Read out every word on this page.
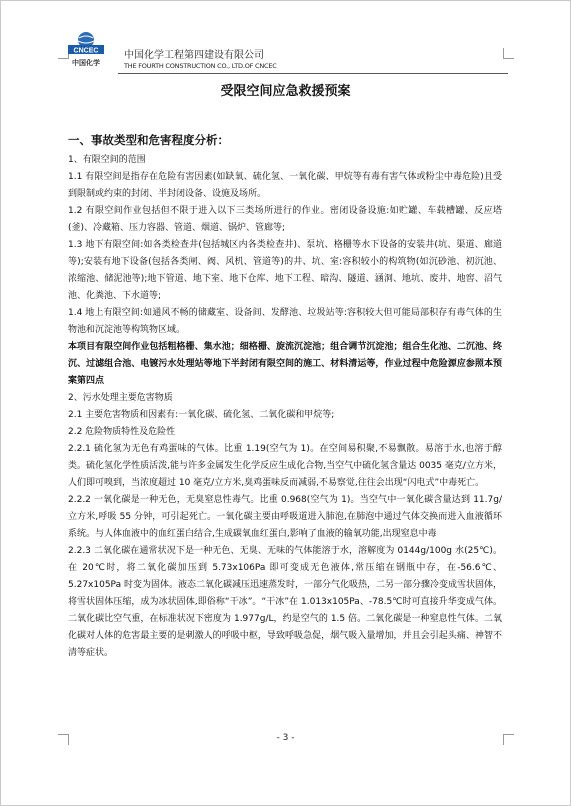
CNCEC
中国化学
中国化学工程第四建设有限公司
THE FOURTH CONSTRUCTION CO., LTD.OF CNCEC
受限空间应急救援预案
一、事故类型和危害程度分析：

1、有限空间的范围

1.1 有限空间是指存在危险有害因素(如缺氧、硫化氢、一氧化碳、甲烷等有毒有害气体或粉尘中毒危险)且受到限制或约束的封闭、半封闭设备、设施及场所。

1.2 有限空间作业包括但不限于进入以下三类场所进行的作业。密闭设备设施:如贮罐、车载槽罐、反应塔(釜)、冷藏箱、压力容器、管道、烟道、锅炉、管廊等;

1.3 地下有限空间:如各类检查井(包括城区内各类检查井)、泵坑、格栅等水下设备的安装井(坑、渠道、廊道等);安装有地下设备(包括各类闸、阀、风机、管道等)的井、坑、室:容积较小的构筑物(如沉砂池、初沉池、浓缩池、储泥池等);地下管道、地下室、地下仓库、地下工程、暗沟、隧道、涵洞、地坑、废井、地窖、沼气池、化粪池、下水道等;

1.4 地上有限空间:如通风不畅的储藏室、设备间、发酵池、垃圾站等:容积较大但可能局部积存有毒气体的生物池和沉淀池等构筑物区域。

本项目有限空间作业包括粗格栅、集水池；细格栅、旋流沉淀池；组合调节沉淀池；组合生化池、二沉池、终沉、过滤组合池、电镀污水处理站等地下半封闭有限空间的施工、材料清运等，作业过程中危险源应参照本预案第四点

2、污水处理主要危害物质

2.1 主要危害物质和因素有:一氧化碳、硫化氢、二氧化碳和甲烷等;

2.2 危险物质特性及危险性

2.2.1 硫化氢为无色有鸡蛋味的气体。比重 1.19(空气为 1)。在空间易积聚,不易飘散。易溶于水,也溶于醇类。硫化氢化学性质活泼,能与许多金属发生化学反应生成化合物,当空气中硫化氢含量达 0035 毫克/立方米，人们即可嗅到，当浓度超过 10 毫克/立方米,臭鸡蛋味反而减弱,不易察觉,往往会出现“闪电式”中毒死亡。

2.2.2 一氧化碳是一种无色，无臭窒息性毒气。比重 0.968(空气为 1)。当空气中一氧化碳含量达到 11.7g/立方米,呼吸 55 分钟，可引起死亡。一氧化碳主要由呼吸道进入肺泡,在肺泡中通过气体交换而进入血液循环系统。与人体血液中的血红蛋白结合,生成碳氧血红蛋白,影响了血液的输氧功能,出现窒息中毒

2.2.3 二氧化碳在通常状况下是一种无色、无臭、无味的气体能溶于水，溶解度为 0144g/100g 水(25℃)。在 20℃时，将二氧化碳加压到 5.73x106Pa 即可变成无色液体,常压缩在钢瓶中存，在-56.6℃、5.27x105Pa 时变为固体。液态二氧化碳减压迅速蒸发时，一部分气化吸热，二另一部分骤冷变成雪状固体，将雪状固体压缩，成为冰状固体,即俗称“干冰”。“干冰”在 1.013x105Pa、-78.5℃时可直接升华变成气体。二氧化碳比空气重，在标准状况下密度为 1.977g/L，约是空气的 1.5 倍。二氧化碳是一种窒息性气体。二氧化碳对人体的危害最主要的是刺激人的呼吸中枢，导致呼吸急促，烟气吸入量增加，并且会引起头痛、神智不清等症状。

- 3 -
